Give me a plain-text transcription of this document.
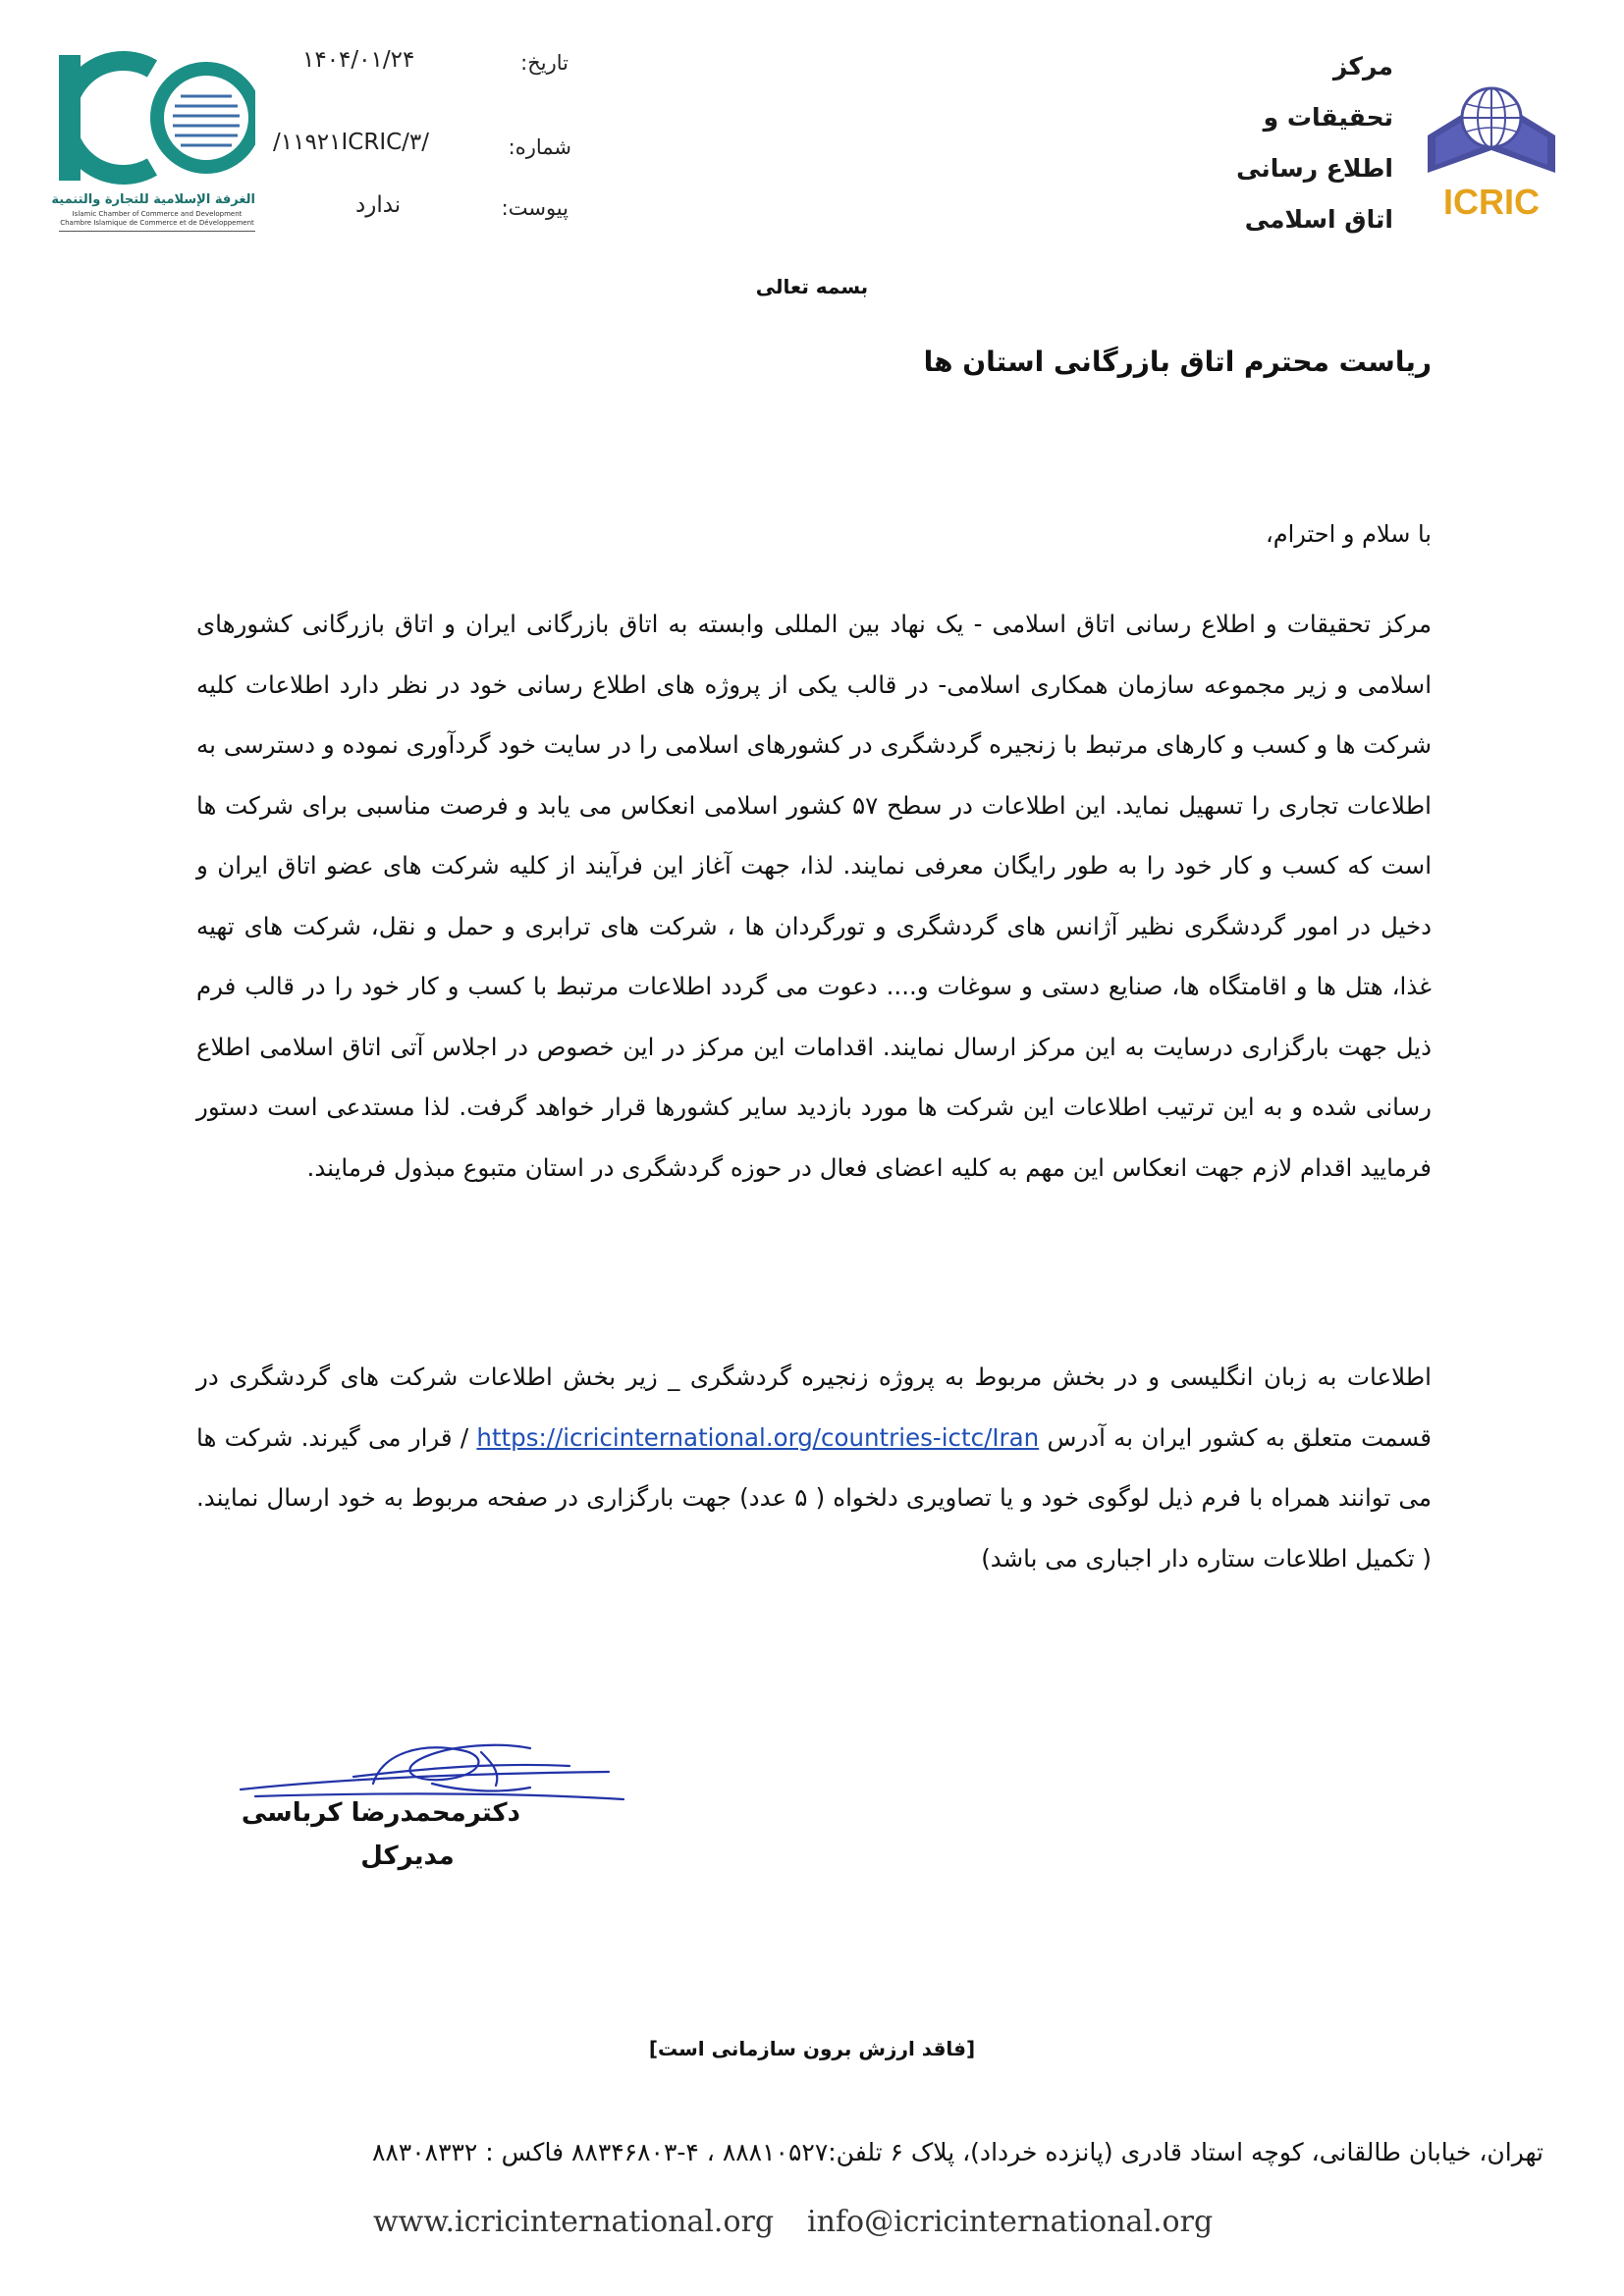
ICRIC
مرکز
تحقیقات و
اطلاع رسانی
اتاق اسلامی
تاریخ:
۱۴۰۴/۰۱/۲۴
شماره:
/۱۱۹۲۱ICRIC/۳/
پیوست:
ندارد
الغرفة الإسلامية للتجارة والتنمية
Islamic Chamber of Commerce and Development
Chambre Islamique de Commerce et de Développement
بسمه تعالی
ریاست محترم اتاق بازرگانی استان ها
با سلام و احترام،
مرکز تحقیقات و اطلاع رسانی اتاق اسلامی - یک نهاد بین المللی وابسته به اتاق بازرگانی ایران و اتاق بازرگانی کشورهای اسلامی و زیر مجموعه سازمان همکاری اسلامی- در قالب یکی از پروژه های اطلاع رسانی خود در نظر دارد اطلاعات کلیه شرکت ها و کسب و کارهای مرتبط با زنجیره گردشگری در کشورهای اسلامی را در سایت خود گردآوری نموده و دسترسی به اطلاعات تجاری را تسهیل نماید. این اطلاعات در سطح ۵۷ کشور اسلامی انعکاس می یابد و فرصت مناسبی برای شرکت ها است که کسب و کار خود را به طور رایگان معرفی نمایند. لذا، جهت آغاز این فرآیند از کلیه شرکت های عضو اتاق ایران و دخیل در امور گردشگری نظیر آژانس های گردشگری و تورگردان ها ، شرکت های ترابری و حمل و نقل، شرکت های تهیه غذا، هتل ها و اقامتگاه ها، صنایع دستی و سوغات و.... دعوت می گردد اطلاعات مرتبط با کسب و کار خود را در قالب فرم ذیل جهت بارگزاری درسایت به این مرکز ارسال نمایند. اقدامات این مرکز در این خصوص در اجلاس آتی اتاق اسلامی اطلاع رسانی شده و به این ترتیب اطلاعات این شرکت ها مورد بازدید سایر کشورها قرار خواهد گرفت. لذا مستدعی است دستور فرمایید اقدام لازم جهت انعکاس این مهم به کلیه اعضای فعال در حوزه گردشگری در استان متبوع مبذول فرمایند.
اطلاعات به زبان انگلیسی و در بخش مربوط به پروژه زنجیره گردشگری _ زیر بخش اطلاعات شرکت های گردشگری در قسمت متعلق به کشور ایران به آدرس https://icricinternational.org/countries-ictc/Iran / قرار می گیرند. شرکت ها می توانند همراه با فرم ذیل لوگوی خود و یا تصاویری دلخواه ( ۵ عدد) جهت بارگزاری در صفحه مربوط به خود ارسال نمایند. ( تکمیل اطلاعات ستاره دار اجباری می باشد)
دکترمحمدرضا کرباسی
مدیرکل
[فاقد ارزش برون سازمانی است]
تهران، خیابان طالقانی، کوچه استاد قادری (پانزده خرداد)، پلاک ۶ تلفن:۸۸۸۱۰۵۲۷ ، ۴-۸۸۳۴۶۸۰۳ فاکس : ۸۸۳۰۸۳۳۲
www.icricinternational.org info@icricinternational.org
